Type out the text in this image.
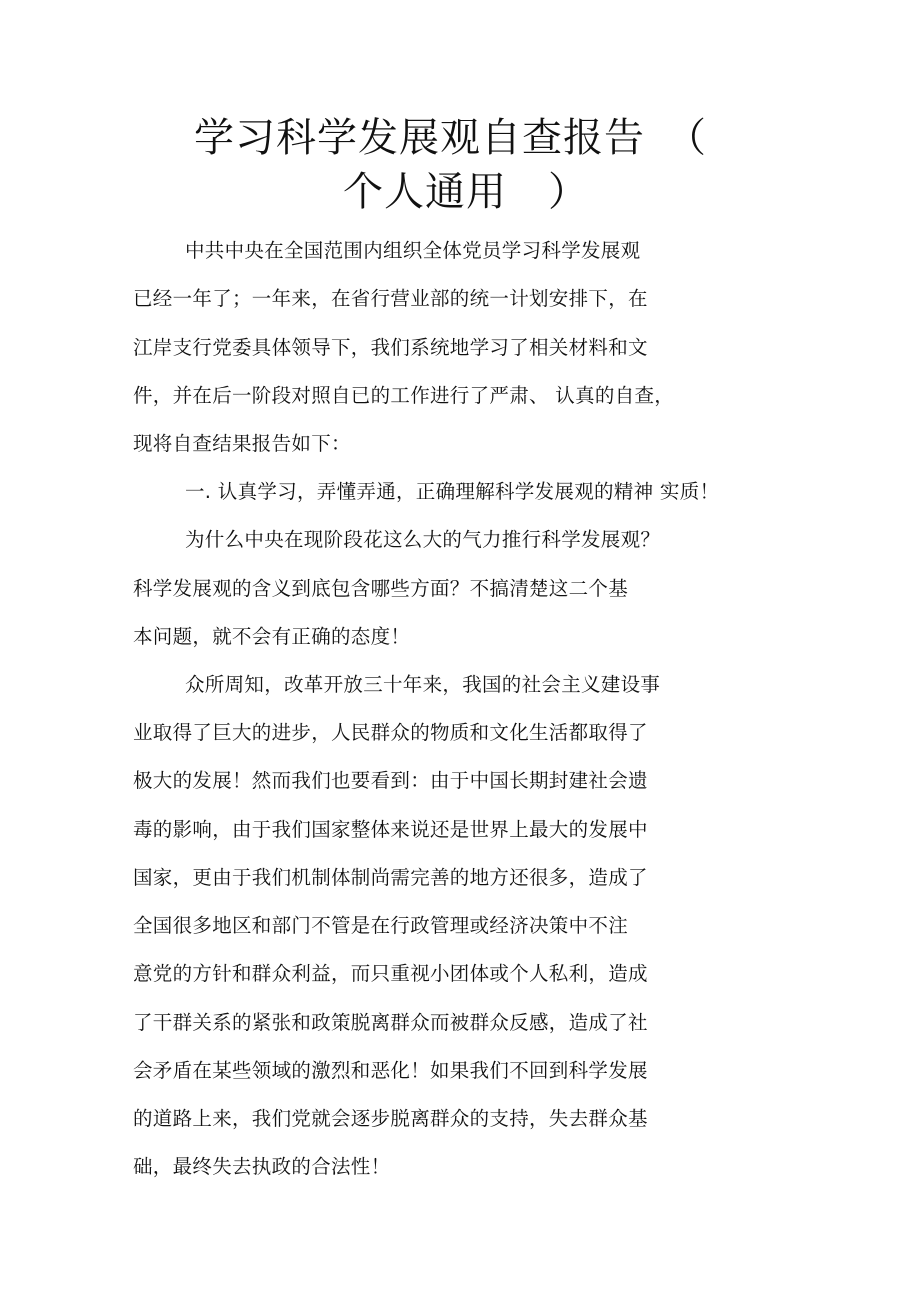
学习科学发展观自查报告　（
个人通用　）
中共中央在全国范围内组织全体党员学习科学发展观
已经一年了；一年来，在省行营业部的统一计划安排下，在
江岸支行党委具体领导下，我们系统地学习了相关材料和文
件，并在后一阶段对照自已的工作进行了严肃、 认真的自查，
现将自查结果报告如下：
一. 认真学习，弄懂弄通，正确理解科学发展观的精神 实质！
为什么中央在现阶段花这么大的气力推行科学发展观？
科学发展观的含义到底包含哪些方面？不搞清楚这二个基
本问题，就不会有正确的态度！
众所周知，改革开放三十年来，我国的社会主义建设事
业取得了巨大的进步，人民群众的物质和文化生活都取得了
极大的发展！然而我们也要看到：由于中国长期封建社会遗
毒的影响，由于我们国家整体来说还是世界上最大的发展中
国家，更由于我们机制体制尚需完善的地方还很多，造成了
全国很多地区和部门不管是在行政管理或经济决策中不注
意党的方针和群众利益，而只重视小团体或个人私利，造成
了干群关系的紧张和政策脱离群众而被群众反感，造成了社
会矛盾在某些领域的激烈和恶化！如果我们不回到科学发展
的道路上来，我们党就会逐步脱离群众的支持，失去群众基
础，最终失去执政的合法性！
